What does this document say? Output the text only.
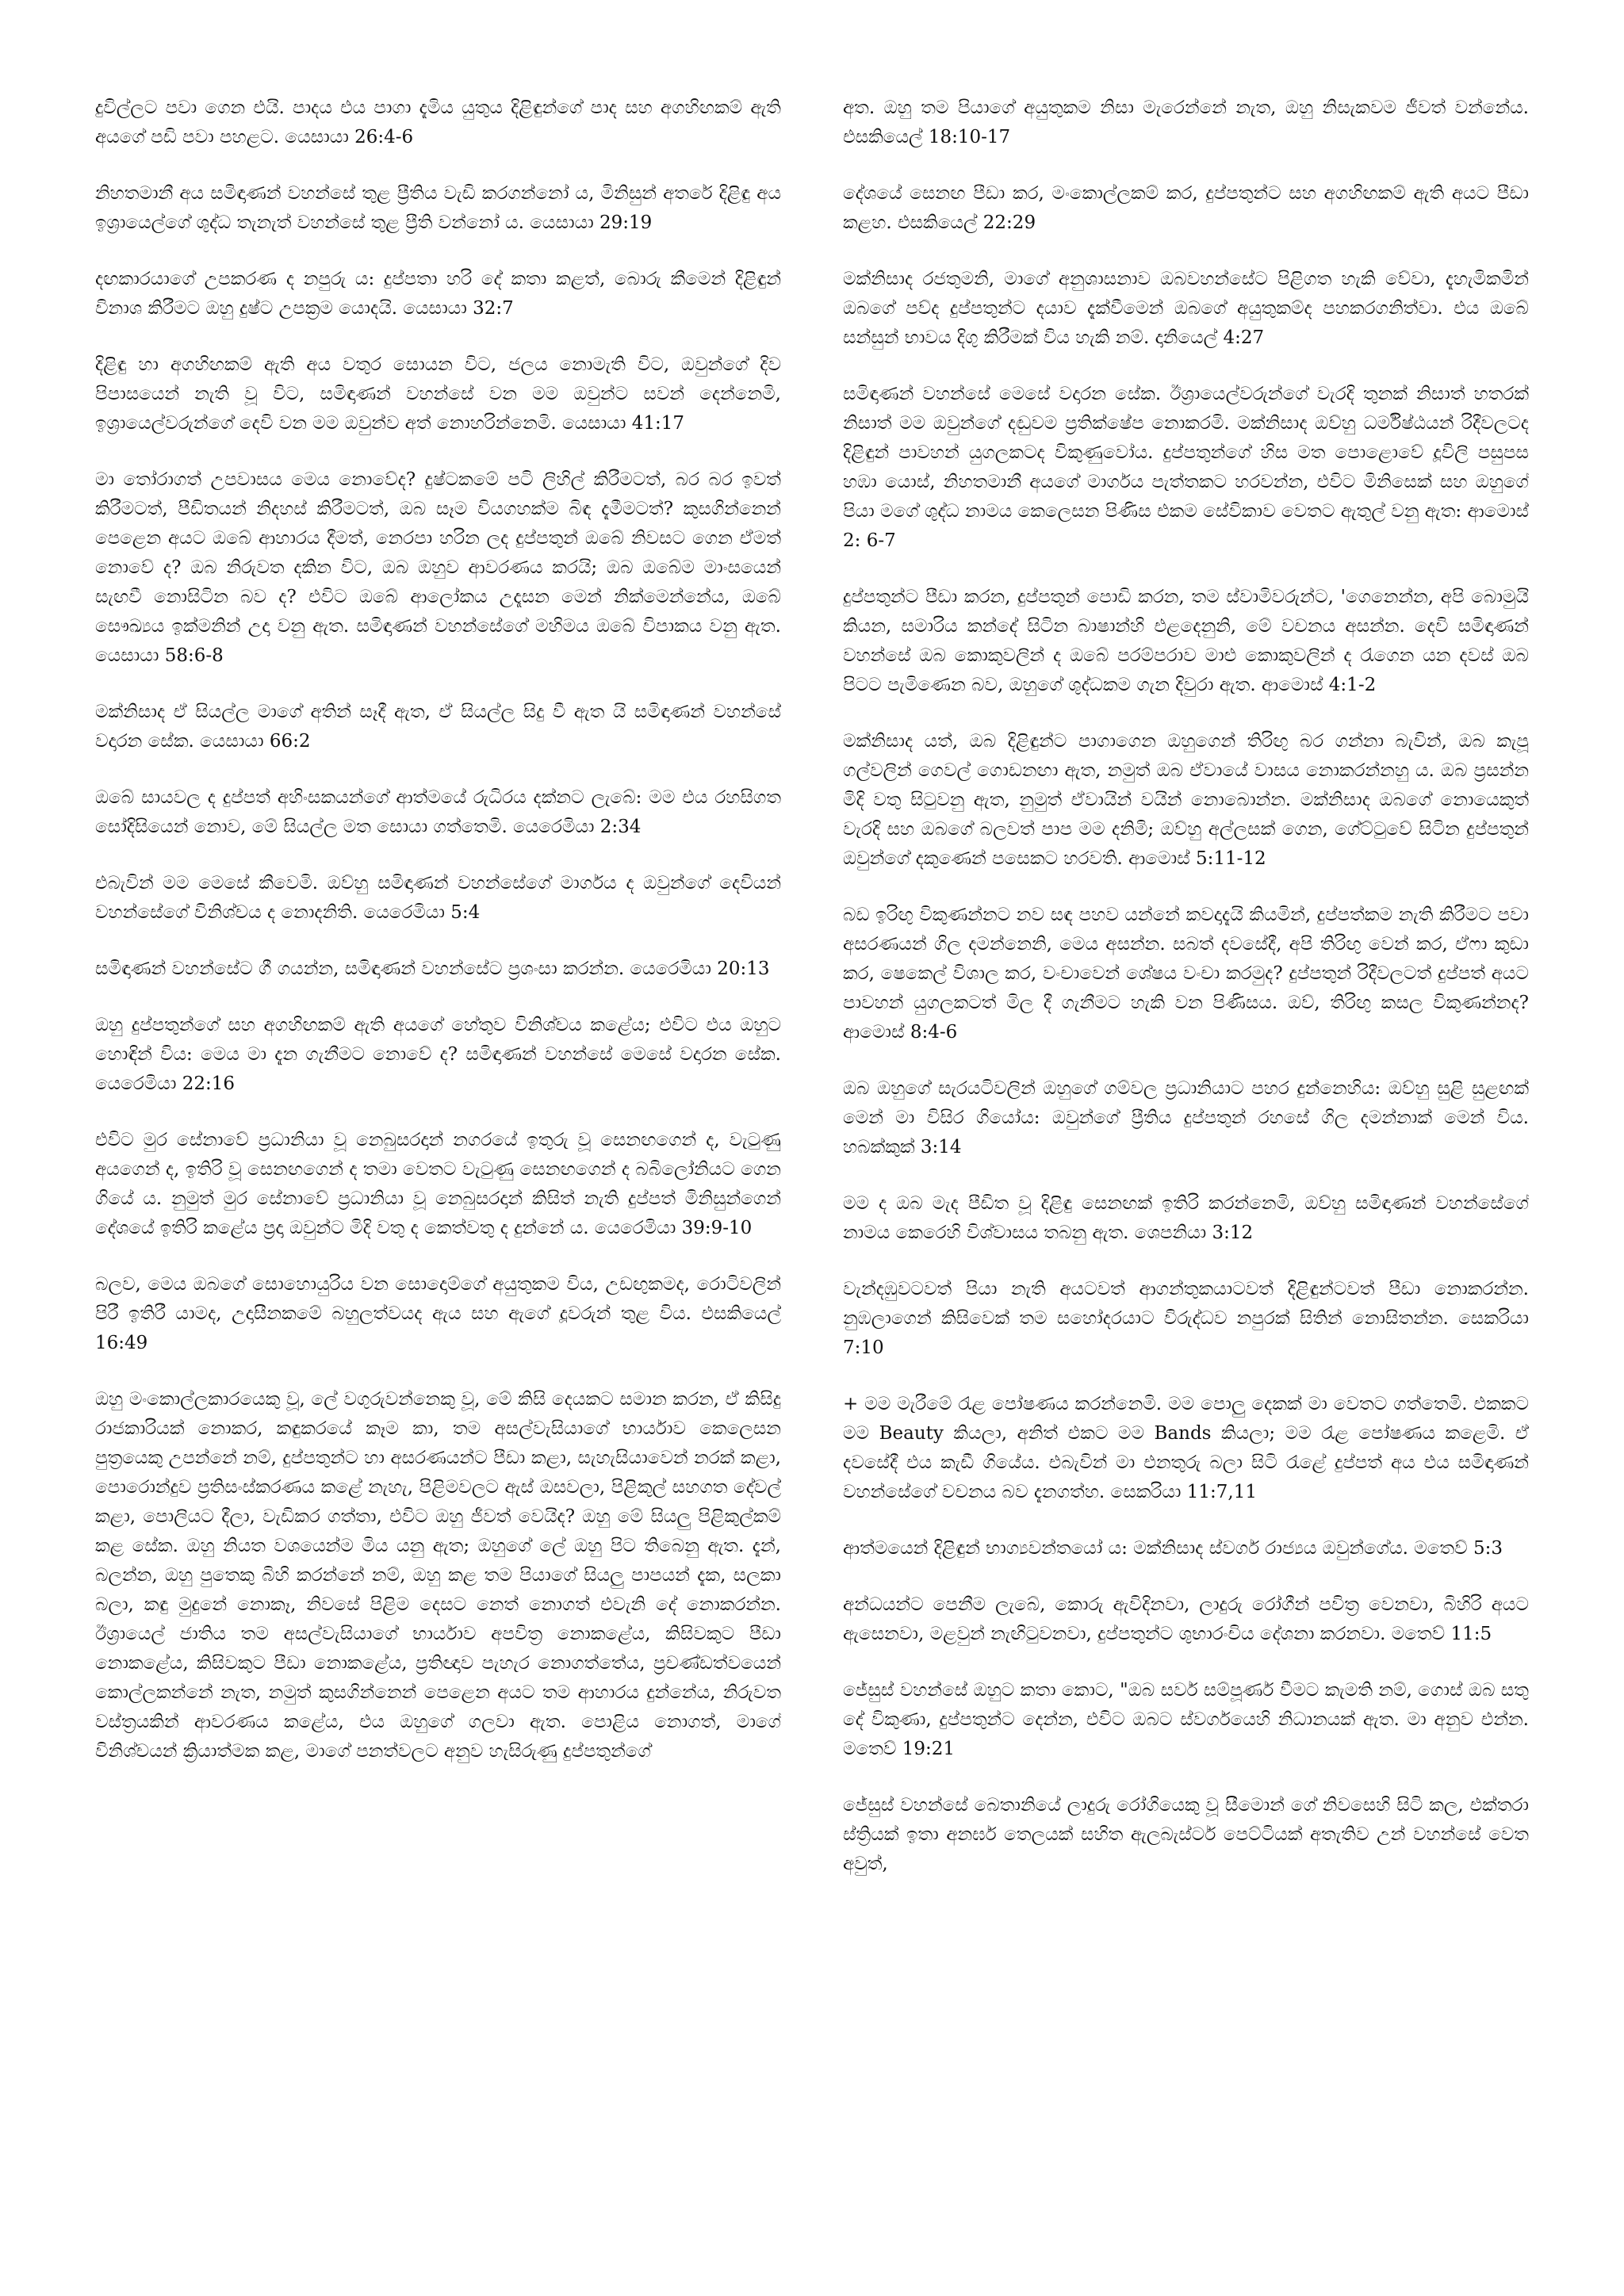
දුවිල්ලට පවා ගෙන එයි. පාදය එය පාගා දැමිය යුතුය දිළිඳුන්ගේ පාද සහ අගහිඟකම් ඇති අයගේ පඩි පවා පහළට. යෙසායා 26:4-6

නිහතමානී අය සමිඳාණන් වහන්සේ තුළ ප්‍රීතිය වැඩි කරගන්නෝ ය, මිනිසුන් අතරේ දිළිඳු අය ඉශ්‍රායෙල්ගේ ශුද්ධ තැනැත් වහන්සේ තුළ ප්‍රීති වන්නෝ ය. යෙසායා 29:19

දඟකාරයාගේ උපකරණ ද නපුරු ය: දුප්පතා හරි දේ කතා කළත්, බොරු කීමෙන් දිළිඳුන් විනාශ කිරීමට ඔහු දුෂ්ට උපක්‍රම යොදයි. යෙසායා 32:7

දිළිඳු හා අගහිඟකම් ඇති අය වතුර සොයන විට, ජලය නොමැති විට, ඔවුන්ගේ දිව පිපාසයෙන් නැති වූ විට, සමිඳාණන් වහන්සේ වන මම ඔවුන්ට සවන් දෙන්නෙමි, ඉශ්‍රායෙල්වරුන්ගේ දෙවි වන මම ඔවුන්ව අත් නොහරින්නෙමි. යෙසායා 41:17

මා තෝරාගත් උපවාසය මෙය නොවේද? දුෂ්ටකමේ පටි ලිහිල් කිරීමටත්, බර බර ඉවත් කිරීමටත්, පීඩිතයන් නිදහස් කිරීමටත්, ඔබ සෑම වියගහක්ම බිඳ දැමීමටත්? කුසගින්නෙන් පෙළෙන අයට ඔබේ ආහාරය දීමත්, නෙරපා හරින ලද දුප්පතුන් ඔබේ නිවසට ගෙන ඒමත් නොවේ ද? ඔබ නිරුවත දකින විට, ඔබ ඔහුව ආවරණය කරයි; ඔබ ඔබේම මාංසයෙන් සැඟවී නොසිටින බව ද? එවිට ඔබේ ආලෝකය උදෑසන මෙන් නික්මෙන්නේය, ඔබේ සෞඛ්‍යය ඉක්මනින් උදා වනු ඇත. සමිඳාණන් වහන්සේගේ මහිමය ඔබේ විපාකය වනු ඇත. යෙසායා 58:6-8

මක්නිසාද ඒ සියල්ල මාගේ අතින් සෑදී ඇත, ඒ සියල්ල සිදු වී ඇත යි සමිඳාණන් වහන්සේ වදාරන සේක. යෙසායා 66:2

ඔබේ සායවල ද දුප්පත් අහිංසකයන්ගේ ආත්මයේ රුධිරය දක්නට ලැබේ: මම එය රහසිගත සෝදිසියෙන් නොව, මේ සියල්ල මත සොයා ගත්තෙමි. යෙරෙමියා 2:34

එබැවින් මම මෙසේ කීවෙමි. ඔව්හු සමිඳාණන් වහන්සේගේ මාර්ගය ද ඔවුන්ගේ දෙවියන් වහන්සේගේ විනිශ්චය ද නොදනිති. යෙරෙමියා 5:4

සමිඳාණන් වහන්සේට ගී ගයන්න, සමිඳාණන් වහන්සේට ප්‍රශංසා කරන්න. යෙරෙමියා 20:13

ඔහු දුප්පතුන්ගේ සහ අගහිඟකම් ඇති අයගේ හේතුව විනිශ්චය කළේය; එවිට එය ඔහුට හොඳින් විය: මෙය මා දැන ගැනීමට නොවේ ද? සමිඳාණන් වහන්සේ මෙසේ වදාරන සේක. යෙරෙමියා 22:16

එවිට මුර සේනාවේ ප්‍රධානියා වූ නෙබුසරදාන් නගරයේ ඉතුරු වූ සෙනඟගෙන් ද, වැටුණු අයගෙන් ද, ඉතිරි වූ සෙනඟගෙන් ද තමා වෙතට වැටුණු සෙනඟගෙන් ද බබිලෝනියට ගෙන ගියේ ය. නුමුත් මුර සේනාවේ ප්‍රධානියා වූ නෙබුසරදාන් කිසිත් නැති දුප්පත් මිනිසුන්ගෙන් දේශයේ ඉතිරි කළේය ප්‍රදා ඔවුන්ට මිදි වතු ද කෙත්වතු ද දුන්නේ ය. යෙරෙමියා 39:9-10

බලව, මෙය ඔබගේ සොහොයුරිය වන සොදොම්ගේ අයුතුකම විය, උඩඟුකමද, රොටිවලින් පිරී ඉතිරී යාමද, උදාසීනකමේ බහුලත්වයද ඇය සහ ඇගේ දූවරුන් තුළ විය. එසකියෙල් 16:49

ඔහු මංකොල්ලකාරයෙකු වූ, ලේ වගුරුවන්නෙකු වූ, මේ කිසි දෙයකට සමාන කරන, ඒ කිසිදු රාජකාරියක් නොකර, කඳුකරයේ කෑම කා, තම අසල්වැසියාගේ භාර්යාව කෙලෙසන පුත්‍රයෙකු උපන්නේ නම්, දුප්පතුන්ට හා අසරණයන්ට පීඩා කළා, සැහැසියාවෙන් නරක් කළා, පොරොන්දුව ප්‍රතිසංස්කරණය කළේ නැහැ, පිළිමවලට ඇස් ඔසවලා, පිළිකුල් සහගත දේවල් කළා, පොලියට දීලා, වැඩිකර ගත්තා, එවිට ඔහු ජීවත් වෙයිද? ඔහු මේ සියලු පිළිකුල්කම් කළ සේක. ඔහු නියත වශයෙන්ම මිය යනු ඇත; ඔහුගේ ලේ ඔහු පිට තිබෙනු ඇත. දැන්, බලන්න, ඔහු පුතෙකු බිහි කරන්නේ නම්, ඔහු කළ තම පියාගේ සියලු පාපයන් දැක, සලකා බලා, කඳු මුදුනේ නොකෑ, නිවසේ පිළිම දෙසට නෙත් නොගත් එවැනි දේ නොකරන්න. ඊශ්‍රායෙල් ජාතිය තම අසල්වැසියාගේ භාර්යාව අපවිත්‍ර නොකළේය, කිසිවකුට පීඩා නොකළේය, කිසිවකුට පීඩා නොකළේය, ප්‍රතිඥාව පැහැර නොගත්තේය, ප්‍රචණ්ඩත්වයෙන් කොල්ලකන්නේ නැත, නමුත් කුසගින්නෙන් පෙළෙන අයට තම ආහාරය දුන්නේය, නිරුවත වස්ත්‍රයකින් ආවරණය කළේය, එය ඔහුගේ ගලවා ඇත. පොළිය නොගත්, මාගේ විනිශ්චයන් ක්‍රියාත්මක කළ, මාගේ පනත්වලට අනුව හැසිරුණු දුප්පතුන්ගේ

අත. ඔහු තම පියාගේ අයුතුකම නිසා මැරෙන්නේ නැත, ඔහු නිසැකවම ජීවත් වන්නේය. එසකියෙල් 18:10-17

දේශයේ සෙනඟ පීඩා කර, මංකොල්ලකම් කර, දුප්පතුන්ට සහ අගහිඟකම් ඇති අයට පීඩා කළහ. එසකියෙල් 22:29

මක්නිසාද රජතුමනි, මාගේ අනුශාසනාව ඔබවහන්සේට පිළිගත හැකි වේවා, දැහැමිකමින් ඔබගේ පව්ද දුප්පතුන්ට දයාව දැක්වීමෙන් ඔබගේ අයුතුකම්ද පහකරගනිත්වා. එය ඔබේ සන්සුන් භාවය දිගු කිරීමක් විය හැකි නම්. දානියෙල් 4:27

සමිඳාණන් වහන්සේ මෙසේ වදාරන සේක. ඊශ්‍රායෙල්වරුන්ගේ වැරදි තුනක් නිසාත් හතරක් නිසාත් මම ඔවුන්ගේ දඬුවම ප්‍රතික්ෂේප නොකරමි. මක්නිසාද ඔව්හු ධර්මිෂ්ඨයන් රිදීවලටද දිළිඳුන් පාවහන් යුගලකටද විකුණුවෝය. දුප්පතුන්ගේ හිස මත පොළොවේ දූවිලි පසුපස හඹා යොස්, නිහතමානී අයගේ මාර්ගය පැත්තකට හරවන්න, එවිට මිනිසෙක් සහ ඔහුගේ පියා මගේ ශුද්ධ නාමය කෙලෙසන පිණිස එකම සේවිකාව වෙතට ඇතුල් වනු ඇත: ආමොස් 2: 6-7

දුප්පතුන්ට පීඩා කරන, දුප්පතුන් පොඩි කරන, තම ස්වාමිවරුන්ට, 'ගෙනෙන්න, අපි බොමුයි කියන, සමාරිය කන්දේ සිටින බාෂාන්හි එළදෙනුනි, මේ වචනය අසන්න. දෙවි සමිඳාණන් වහන්සේ ඔබ කොකුවලින් ද ඔබේ පරම්පරාව මාළු කොකුවලින් ද රැගෙන යන දවස් ඔබ පිටට පැමිණෙන බව, ඔහුගේ ශුද්ධකම ගැන දිවුරා ඇත. ආමොස් 4:1-2

මක්නිසාද යත්, ඔබ දිළිඳුන්ට පාගාගෙන ඔහුගෙන් තිරිඟු බර ගන්නා බැවින්, ඔබ කැපූ ගල්වලින් ගෙවල් ගොඩනඟා ඇත, නමුත් ඔබ ඒවායේ වාසය නොකරන්නහු ය. ඔබ ප්‍රසන්න මිදි වතු සිටුවනු ඇත, නුමුත් ඒවායින් වයින් නොබොන්න. මක්නිසාද ඔබගේ නොයෙකුත් වැරදි සහ ඔබගේ බලවත් පාප මම දනිමි; ඔව්හු අල්ලසක් ගෙන, ගේට්ටුවේ සිටින දුප්පතුන් ඔවුන්ගේ දකුණෙන් පසෙකට හරවති. ආමොස් 5:11-12

බඩ ඉරිඟු විකුණන්නට නව සඳ පහව යන්නේ කවදාදැයි කියමින්, දුප්පත්කම නැති කිරීමට පවා අසරණයන් ගිල දමන්නෙනි, මෙය අසන්න. සබත් දවසේදී, අපි තිරිඟු වෙන් කර, ඒෆා කුඩා කර, ෂෙකෙල් විශාල කර, වංචාවෙන් ශේෂය වංචා කරමුද? දුප්පතුන් රිදීවලටත් දුප්පත් අයට පාවහන් යුගලකටත් මිල දී ගැනීමට හැකි වන පිණිසය. ඔව්, තිරිඟු කසල විකුණන්නද? ආමොස් 8:4-6

ඔබ ඔහුගේ සැරයටිවලින් ඔහුගේ ගම්වල ප්‍රධානියාට පහර දුන්නෙහිය: ඔව්හු සුළි සුළඟක් මෙන් මා විසිර ගියෝය: ඔවුන්ගේ ප්‍රීතිය දුප්පතුන් රහසේ ගිල දමන්නාක් මෙන් විය. හබක්කුක් 3:14

මම ද ඔබ මැද පීඩිත වූ දිළිඳු සෙනඟක් ඉතිරි කරන්නෙමි, ඔව්හු සමිඳාණන් වහන්සේගේ නාමය කෙරෙහි විශ්වාසය තබනු ඇත. ශෙපනියා 3:12

වැන්දඹුවටවත් පියා නැති අයටවත් ආගන්තුකයාටවත් දිළිඳුන්ටවත් පීඩා නොකරන්න. නුඹලාගෙන් කිසිවෙක් තම සහෝදරයාට විරුද්ධව නපුරක් සිතින් නොසිතන්න. සෙකරියා 7:10

+ මම මැරීමේ රැළ පෝෂණය කරන්නෙමි. මම පොලු දෙකක් මා වෙතට ගත්තෙමි. එකකට මම Beauty කියලා, අනිත් එකට මම Bands කියලා; මම රැළ පෝෂණය කළෙමි. ඒ දවසේදී එය කැඩී ගියේය. එබැවින් මා එනතුරු බලා සිටි රැළේ දුප්පත් අය එය සමිඳාණන් වහන්සේගේ වචනය බව දැනගත්හ. සෙකරියා 11:7,11

ආත්මයෙන් දිළිඳුන් භාග්‍යවන්තයෝ ය: මක්නිසාද ස්වර්ග රාජ්‍යය ඔවුන්ගේය. මතෙව් 5:3

අන්ධයන්ට පෙනීම ලැබේ, කොරු ඇවිදිනවා, ලාදුරු රෝගීන් පවිත්‍ර වෙනවා, බිහිරි අයට ඇසෙනවා, මළවුන් නැඟිටුවනවා, දුප්පතුන්ට ශුභාරංචිය දේශනා කරනවා. මතෙව් 11:5

ජේසුස් වහන්සේ ඔහුට කතා කොට, "ඔබ සර්ව සම්පූර්ණ වීමට කැමති නම්, ගොස් ඔබ සතු දේ විකුණා, දුප්පතුන්ට දෙන්න, එවිට ඔබට ස්වර්ගයෙහි නිධානයක් ඇත. මා අනුව එන්න. මතෙව් 19:21

ජේසුස් වහන්සේ බෙතානියේ ලාදුරු රෝගියෙකු වූ සීමොන් ගේ නිවසෙහි සිටි කල, එක්තරා ස්ත්‍රියක් ඉතා අනර්ඝ තෙලයක් සහිත ඇලබැස්ටර් පෙට්ටියක් අතැතිව උන් වහන්සේ වෙත අවුත්,
